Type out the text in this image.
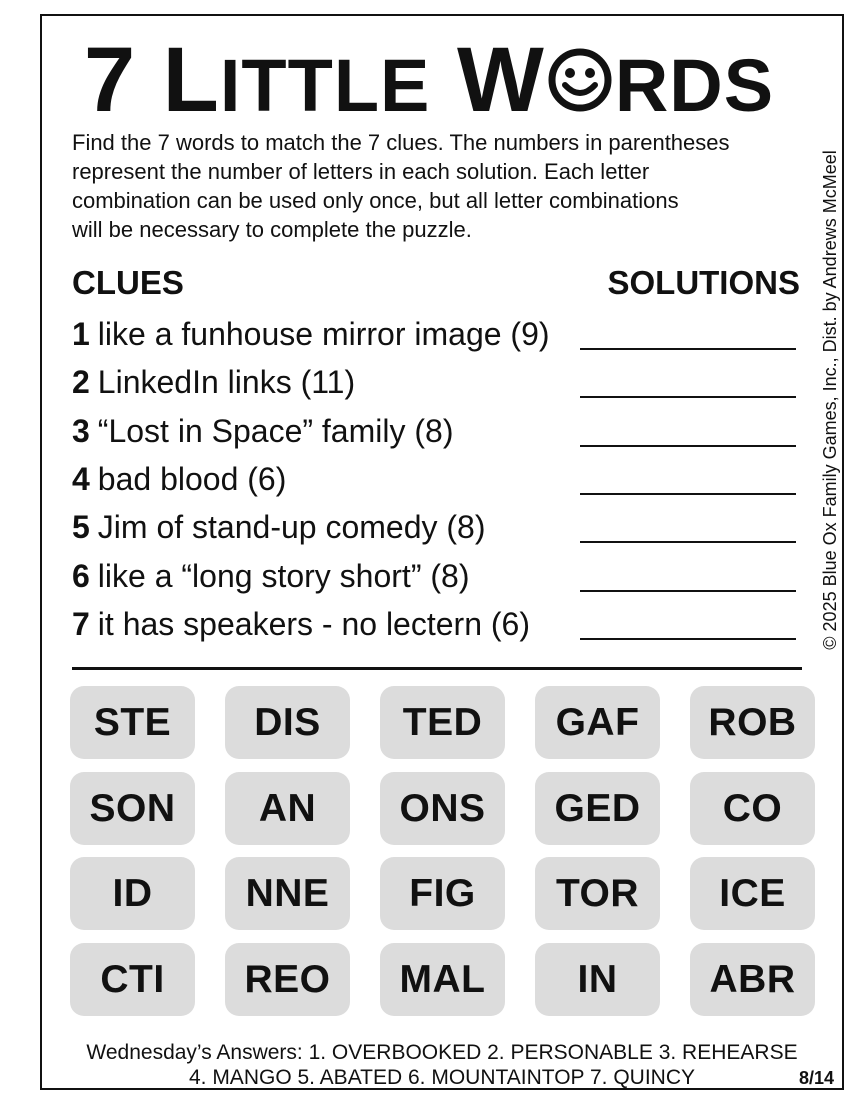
7 LITTLE W RDS
Find the 7 words to match the 7 clues. The numbers in parentheses
represent the number of letters in each solution. Each letter
combination can be used only once, but all letter combinations
will be necessary to complete the puzzle.	© 2025 Blue Ox Family Games, Inc., Dist. by Andrews McMeel
CLUES	SOLUTIONS
1 like a funhouse mirror image (9)
2 LinkedIn links (11)
3 “Lost in Space” family (8)
4 bad blood (6)
5 Jim of stand-up comedy (8)
6 like a “long story short” (8)
7 it has speakers - no lectern (6)
STE	DIS	TED	GAF	ROB
SON	AN	ONS	GED	CO
ID	NNE	FIG	TOR	ICE
CTI	REO	MAL	IN	ABR
Wednesday’s Answers: 1. OVERBOOKED 2. PERSONABLE 3. REHEARSE
4. MANGO 5. ABATED 6. MOUNTAINTOP 7. QUINCY	8/14
